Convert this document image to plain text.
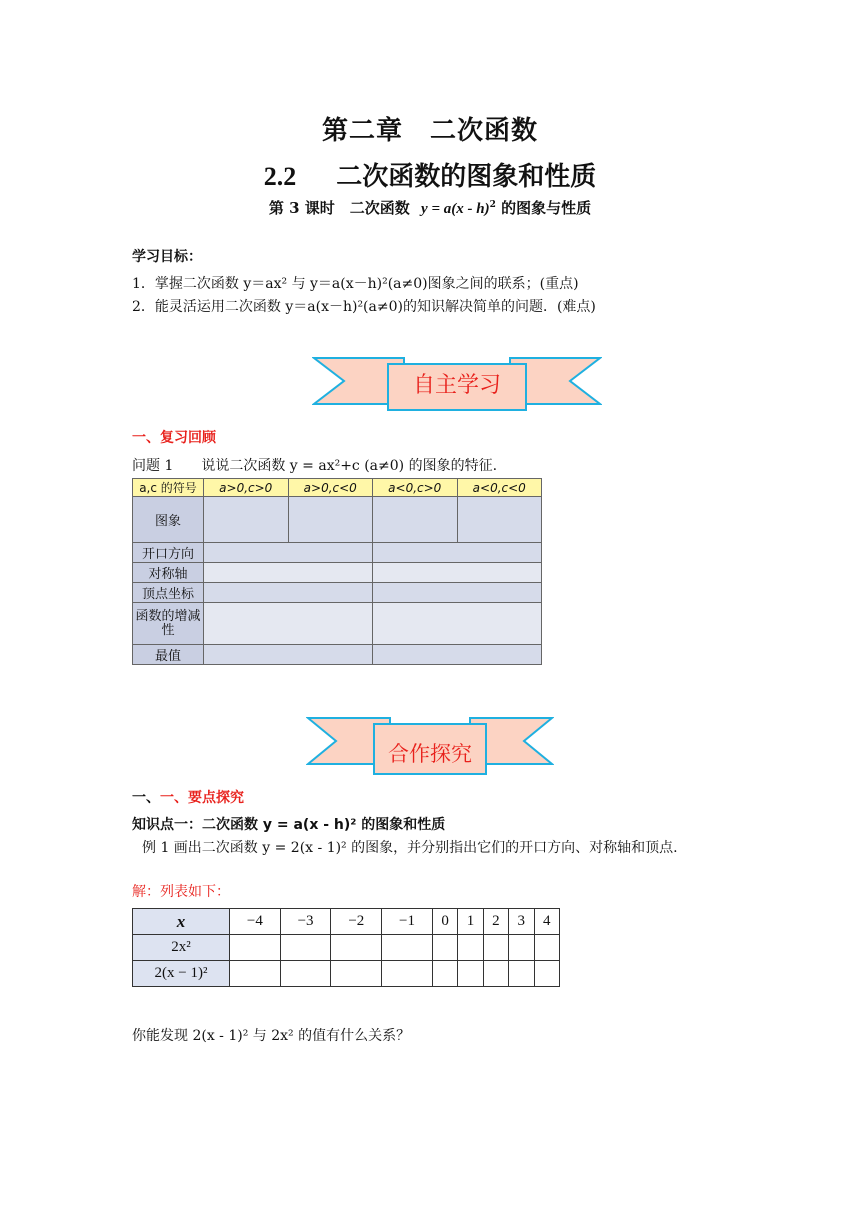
第二章　二次函数
2.2 二次函数的图象和性质
第 3 课时　二次函数 y = a(x - h)$^2$ 的图象与性质
学习目标：
1．掌握二次函数 y＝ax² 与 y＝a(x－h)²(a≠0)图象之间的联系；(重点)
2．能灵活运用二次函数 y＝a(x－h)²(a≠0)的知识解决简单的问题．(难点)
自主学习
一、复习回顾
问题 1　　说说二次函数 y = ax²+c (a≠0) 的图象的特征.
a,c 的符号	a>0,c>0	a>0,c<0	a<0,c>0	a<0,c<0
图象				
开口方向				
对称轴				
顶点坐标				
函数的增减性				
最值				
合作探究
一、一、要点探究
知识点一：二次函数 y = a(x - h)² 的图象和性质
例 1 画出二次函数 y = 2(x - 1)² 的图象，并分别指出它们的开口方向、对称轴和顶点.
解：列表如下：
x	−4	−3	−2	−1	0	1	2	3	4
2x²									
2(x − 1)²									
你能发现 2(x - 1)² 与 2x² 的值有什么关系？
